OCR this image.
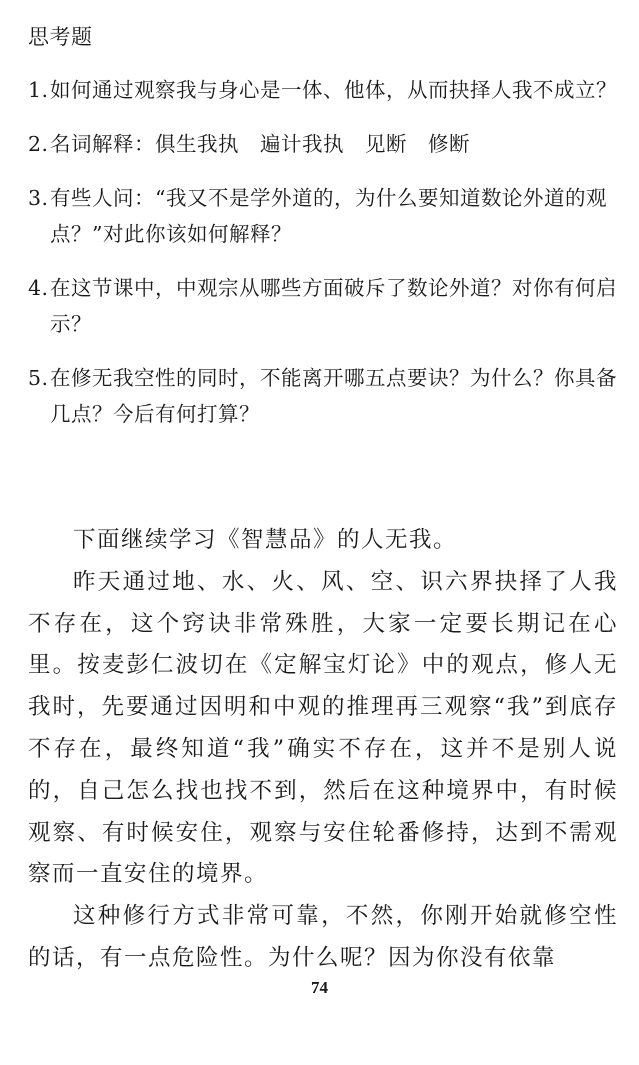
思考题
1. 如何通过观察我与身心是一体、他体，从而抉择人我不成立？
2. 名词解释：俱生我执　遍计我执　见断　修断
3. 有些人问：“我又不是学外道的，为什么要知道数论外道的观点？”对此你该如何解释？
4. 在这节课中，中观宗从哪些方面破斥了数论外道？对你有何启示？
5. 在修无我空性的同时，不能离开哪五点要诀？为什么？你具备几点？今后有何打算？

下面继续学习《智慧品》的人无我。

昨天通过地、水、火、风、空、识六界抉择了人我不存在，这个窍诀非常殊胜，大家一定要长期记在心里。按麦彭仁波切在《定解宝灯论》中的观点，修人无我时，先要通过因明和中观的推理再三观察“我”到底存不存在，最终知道“我”确实不存在，这并不是别人说的，自己怎么找也找不到，然后在这种境界中，有时候观察、有时候安住，观察与安住轮番修持，达到不需观察而一直安住的境界。

这种修行方式非常可靠，不然，你刚开始就修空性的话，有一点危险性。为什么呢？因为你没有依靠

74
